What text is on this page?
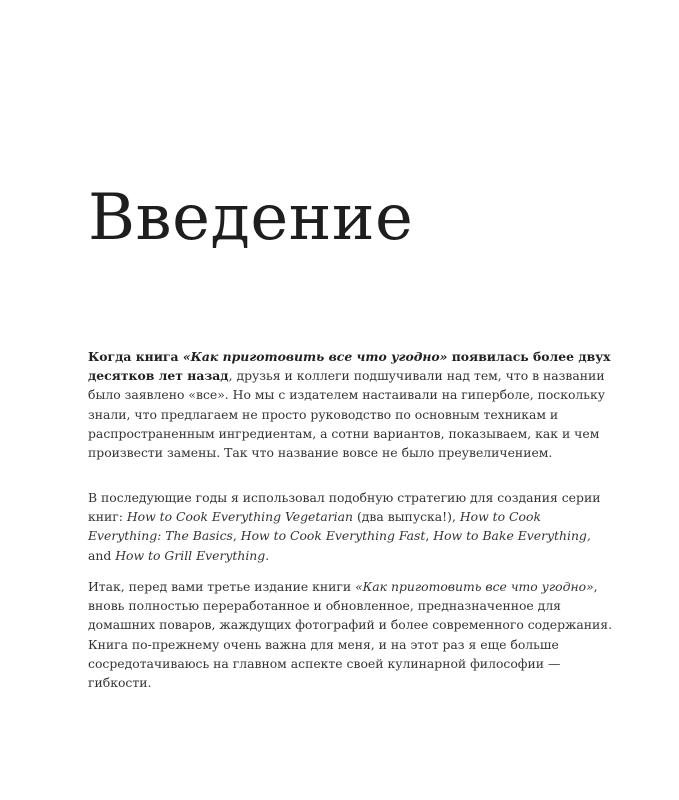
Введение

Когда книга «Как приготовить все что угодно» появилась более двух десятков лет назад, друзья и коллеги подшучивали над тем, что в названии было заявлено «все». Но мы с издателем настаивали на гиперболе, поскольку знали, что предлагаем не просто руководство по основным техникам и распространенным ингредиентам, а сотни вариантов, показываем, как и чем произвести замены. Так что название вовсе не было преувеличением.

В последующие годы я использовал подобную стратегию для создания серии книг: How to Cook Everything Vegetarian (два выпуска!), How to Cook Everything: The Basics, How to Cook Everything Fast, How to Bake Everything, and How to Grill Everything.

Итак, перед вами третье издание книги «Как приготовить все что угодно», вновь полностью переработанное и обновленное, предназначенное для домашних поваров, жаждущих фотографий и более современного содержания. Книга по-прежнему очень важна для меня, и на этот раз я еще больше сосредотачиваюсь на главном аспекте своей кулинарной философии — гибкости.
